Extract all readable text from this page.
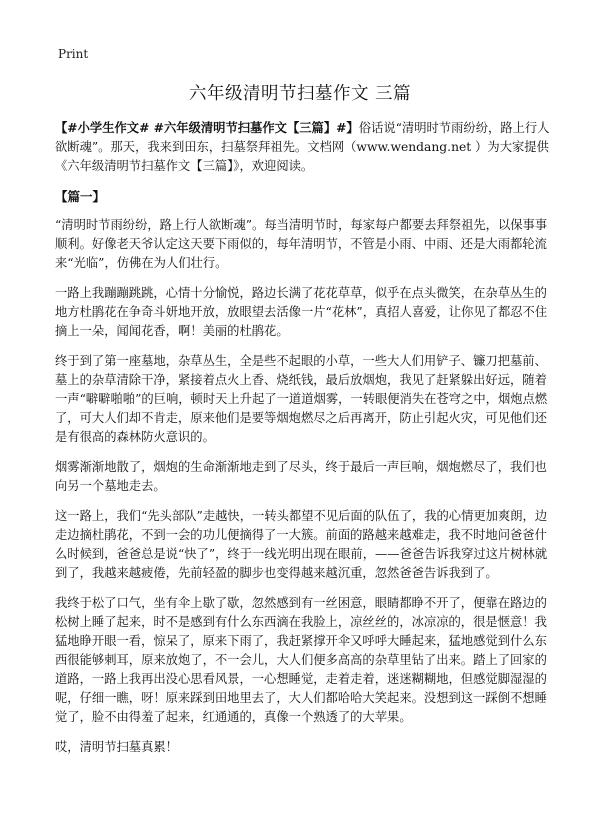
Print
六年级清明节扫墓作文 三篇

【#小学生作文# #六年级清明节扫墓作文【三篇】#】俗话说“清明时节雨纷纷，路上行人欲断魂”。那天，我来到田东，扫墓祭拜祖先。文档网（www.wendang.net ）为大家提供《六年级清明节扫墓作文【三篇】》，欢迎阅读。

【篇一】

“清明时节雨纷纷，路上行人欲断魂”。每当清明节时，每家每户都要去拜祭祖先，以保事事顺利。好像老天爷认定这天要下雨似的，每年清明节，不管是小雨、中雨、还是大雨都轮流来“光临”，仿佛在为人们壮行。

一路上我蹦蹦跳跳，心情十分愉悦，路边长满了花花草草，似乎在点头微笑，在杂草丛生的地方杜鹃花在争奇斗妍地开放，放眼望去活像一片“花林”，真招人喜爱，让你见了都忍不住摘上一朵，闻闻花香，啊！美丽的杜鹃花。

终于到了第一座墓地，杂草丛生，全是些不起眼的小草，一些大人们用铲子、镰刀把墓前、墓上的杂草清除干净，紧接着点火上香、烧纸钱，最后放烟炮，我见了赶紧躲出好远，随着一声“噼噼啪啪”的巨响，顿时天上升起了一道道烟雾，一转眼便消失在苍穹之中，烟炮点燃了，可大人们却不肯走，原来他们是要等烟炮燃尽之后再离开，防止引起火灾，可见他们还是有很高的森林防火意识的。

烟雾渐渐地散了，烟炮的生命渐渐地走到了尽头，终于最后一声巨响，烟炮燃尽了，我们也向另一个墓地走去。

这一路上，我们“先头部队”走越快，一转头都望不见后面的队伍了，我的心情更加爽朗，边走边摘杜鹃花，不到一会的功儿便摘得了一大簇。前面的路越来越难走，我不时地问爸爸什么时候到，爸爸总是说“快了”，终于一线光明出现在眼前，——爸爸告诉我穿过这片树林就到了，我越来越疲倦，先前轻盈的脚步也变得越来越沉重，忽然爸爸告诉我到了。

我终于松了口气，坐有伞上歇了歇，忽然感到有一丝困意，眼睛都睁不开了，便靠在路边的松树上睡了起来，时不是感到有什么东西滴在我脸上，凉丝丝的，冰凉凉的，很是惬意！我猛地睁开眼一看，惊呆了，原来下雨了，我赶紧撑开伞又呼呼大睡起来，猛地感觉到什么东西很能够刺耳，原来放炮了，不一会儿，大人们便多高高的杂草里钻了出来。踏上了回家的道路，一路上我再出没心思看风景，一心想睡觉，走着走着，迷迷糊糊地，但感觉脚湿湿的呢，仔细一瞧，呀！原来踩到田地里去了，大人们都哈哈大笑起来。没想到这一踩倒不想睡觉了，脸不由得羞了起来，红通通的，真像一个熟透了的大苹果。

哎，清明节扫墓真累！
